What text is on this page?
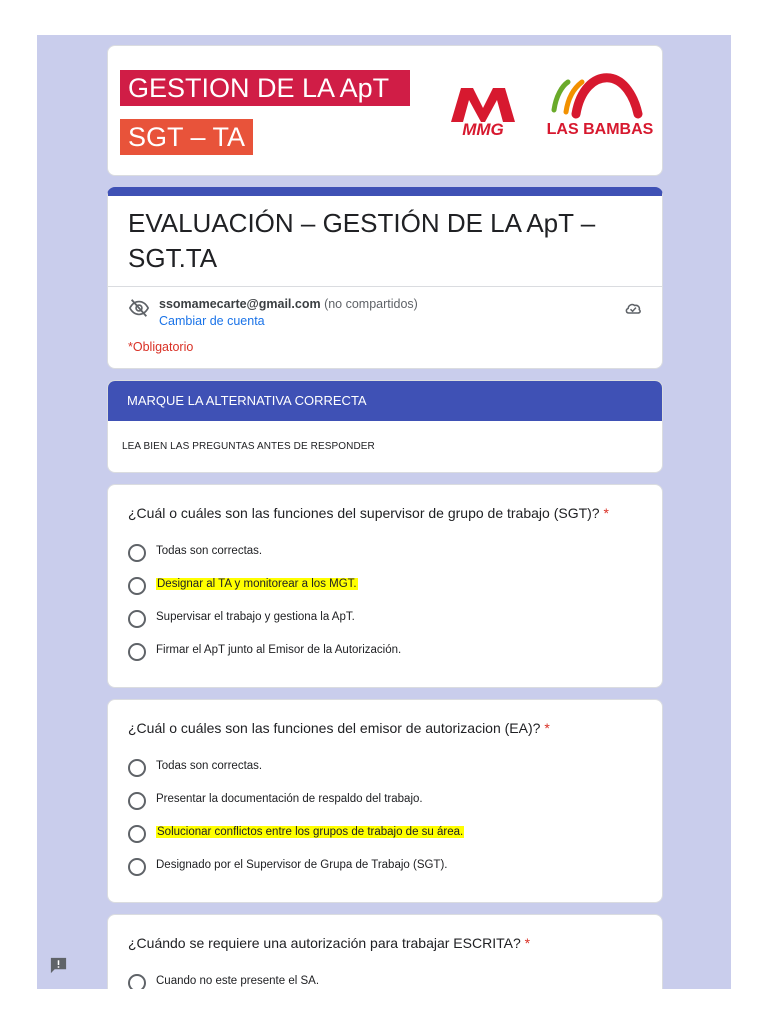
GESTION DE LA ApT
SGT – TA	MMG	LAS BAMBAS
EVALUACIÓN – GESTIÓN DE LA ApT – SGT.TA
ssomamecarte@gmail.com (no compartidos)
Cambiar de cuenta
*Obligatorio
MARQUE LA ALTERNATIVA CORRECTA
LEA BIEN LAS PREGUNTAS ANTES DE RESPONDER
¿Cuál o cuáles son las funciones del supervisor de grupo de trabajo (SGT)? *
Todas son correctas.
Designar al TA y monitorear a los MGT.
Supervisar el trabajo y gestiona la ApT.
Firmar el ApT junto al Emisor de la Autorización.
¿Cuál o cuáles son las funciones del emisor de autorizacion (EA)? *
Todas son correctas.
Presentar la documentación de respaldo del trabajo.
Solucionar conflictos entre los grupos de trabajo de su área.
Designado por el Supervisor de Grupa de Trabajo (SGT).
¿Cuándo se requiere una autorización para trabajar ESCRITA? *
Cuando no este presente el SA.
